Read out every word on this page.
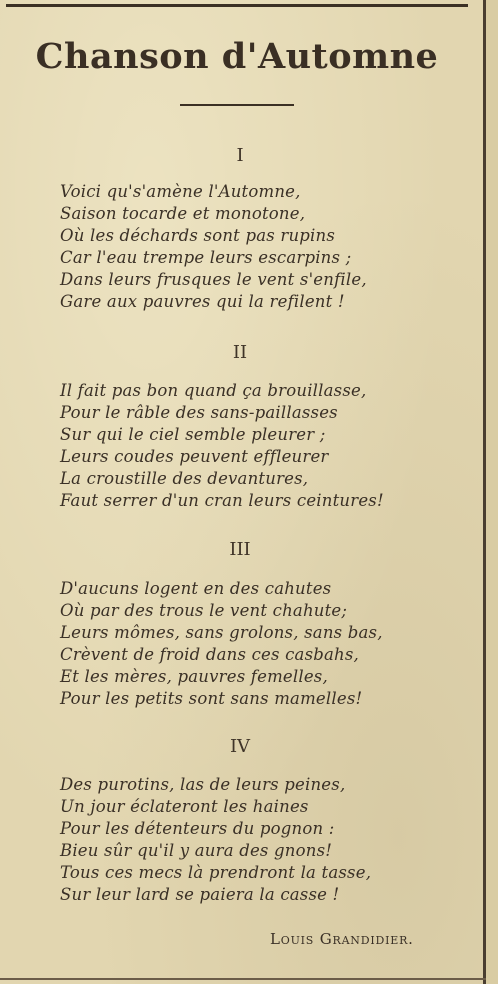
Chanson d'Automne
I
Voici qu's'amène l'Automne,
Saison tocarde et monotone,
Où les déchards sont pas rupins
Car l'eau trempe leurs escarpins ;
Dans leurs frusques le vent s'enfile,
Gare aux pauvres qui la refilent !
II
Il fait pas bon quand ça brouillasse,
Pour le râble des sans-paillasses
Sur qui le ciel semble pleurer ;
Leurs coudes peuvent effleurer
La croustille des devantures,
Faut serrer d'un cran leurs ceintures!
III
D'aucuns logent en des cahutes
Où par des trous le vent chahute;
Leurs mômes, sans grolons, sans bas,
Crèvent de froid dans ces casbahs,
Et les mères, pauvres femelles,
Pour les petits sont sans mamelles!
IV
Des purotins, las de leurs peines,
Un jour éclateront les haines
Pour les détenteurs du pognon :
Bieu sûr qu'il y aura des gnons!
Tous ces mecs là prendront la tasse,
Sur leur lard se paiera la casse !
Louis Grandidier.
